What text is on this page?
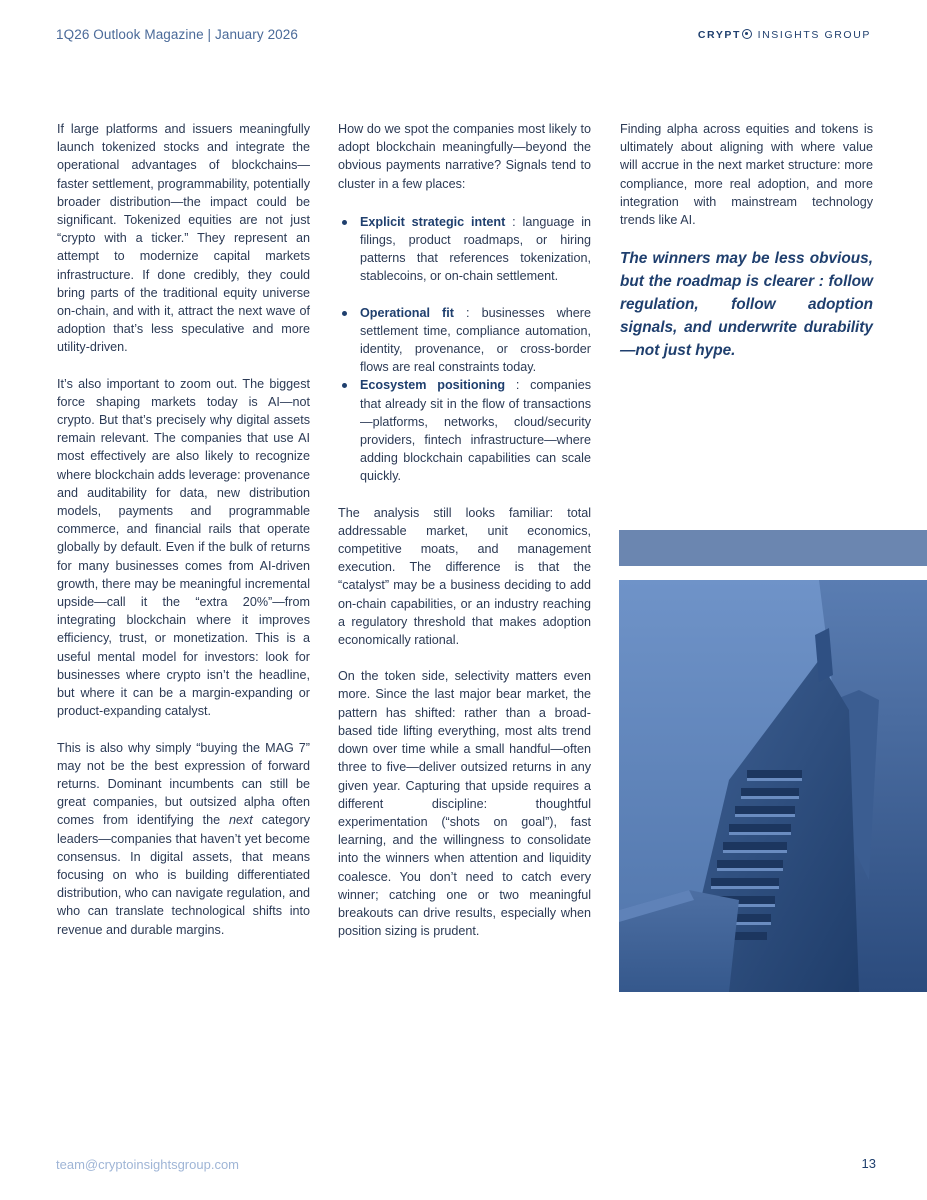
1Q26 Outlook Magazine | January 2026	CRYPT INSIGHTS GROUP

If large platforms and issuers meaningfully launch tokenized stocks and integrate the operational advantages of blockchains—faster settlement, programmability, potentially broader distribution—the impact could be significant. Tokenized equities are not just “crypto with a ticker.” They represent an attempt to modernize capital markets infrastructure. If done credibly, they could bring parts of the traditional equity universe on-chain, and with it, attract the next wave of adoption that’s less speculative and more utility-driven.

It’s also important to zoom out. The biggest force shaping markets today is AI—not crypto. But that’s precisely why digital assets remain relevant. The companies that use AI most effectively are also likely to recognize where blockchain adds leverage: provenance and auditability for data, new distribution models, payments and programmable commerce, and financial rails that operate globally by default. Even if the bulk of returns for many businesses comes from AI-driven growth, there may be meaningful incremental upside—call it the “extra 20%”—from integrating blockchain where it improves efficiency, trust, or monetization. This is a useful mental model for investors: look for businesses where crypto isn’t the headline, but where it can be a margin-expanding or product-expanding catalyst.

This is also why simply “buying the MAG 7” may not be the best expression of forward returns. Dominant incumbents can still be great companies, but outsized alpha often comes from identifying the next category leaders—companies that haven’t yet become consensus. In digital assets, that means focusing on who is building differentiated distribution, who can navigate regulation, and who can translate technological shifts into revenue and durable margins.

How do we spot the companies most likely to adopt blockchain meaningfully—beyond the obvious payments narrative? Signals tend to cluster in a few places:

Explicit strategic intent : language in filings, product roadmaps, or hiring patterns that references tokenization, stablecoins, or on-chain settlement.
Operational fit : businesses where settlement time, compliance automation, identity, provenance, or cross-border flows are real constraints today.
Ecosystem positioning : companies that already sit in the flow of transactions—platforms, networks, cloud/security providers, fintech infrastructure—where adding blockchain capabilities can scale quickly.

The analysis still looks familiar: total addressable market, unit economics, competitive moats, and management execution. The difference is that the “catalyst” may be a business deciding to add on-chain capabilities, or an industry reaching a regulatory threshold that makes adoption economically rational.

On the token side, selectivity matters even more. Since the last major bear market, the pattern has shifted: rather than a broad-based tide lifting everything, most alts trend down over time while a small handful—often three to five—deliver outsized returns in any given year. Capturing that upside requires a different discipline: thoughtful experimentation (“shots on goal”), fast learning, and the willingness to consolidate into the winners when attention and liquidity coalesce. You don’t need to catch every winner; catching one or two meaningful breakouts can drive results, especially when position sizing is prudent.

Finding alpha across equities and tokens is ultimately about aligning with where value will accrue in the next market structure: more compliance, more real adoption, and more integration with mainstream technology trends like AI.

The winners may be less obvious, but the roadmap is clearer : follow regulation, follow adoption signals, and underwrite durability —not just hype.
team@cryptoinsightsgroup.com	13
